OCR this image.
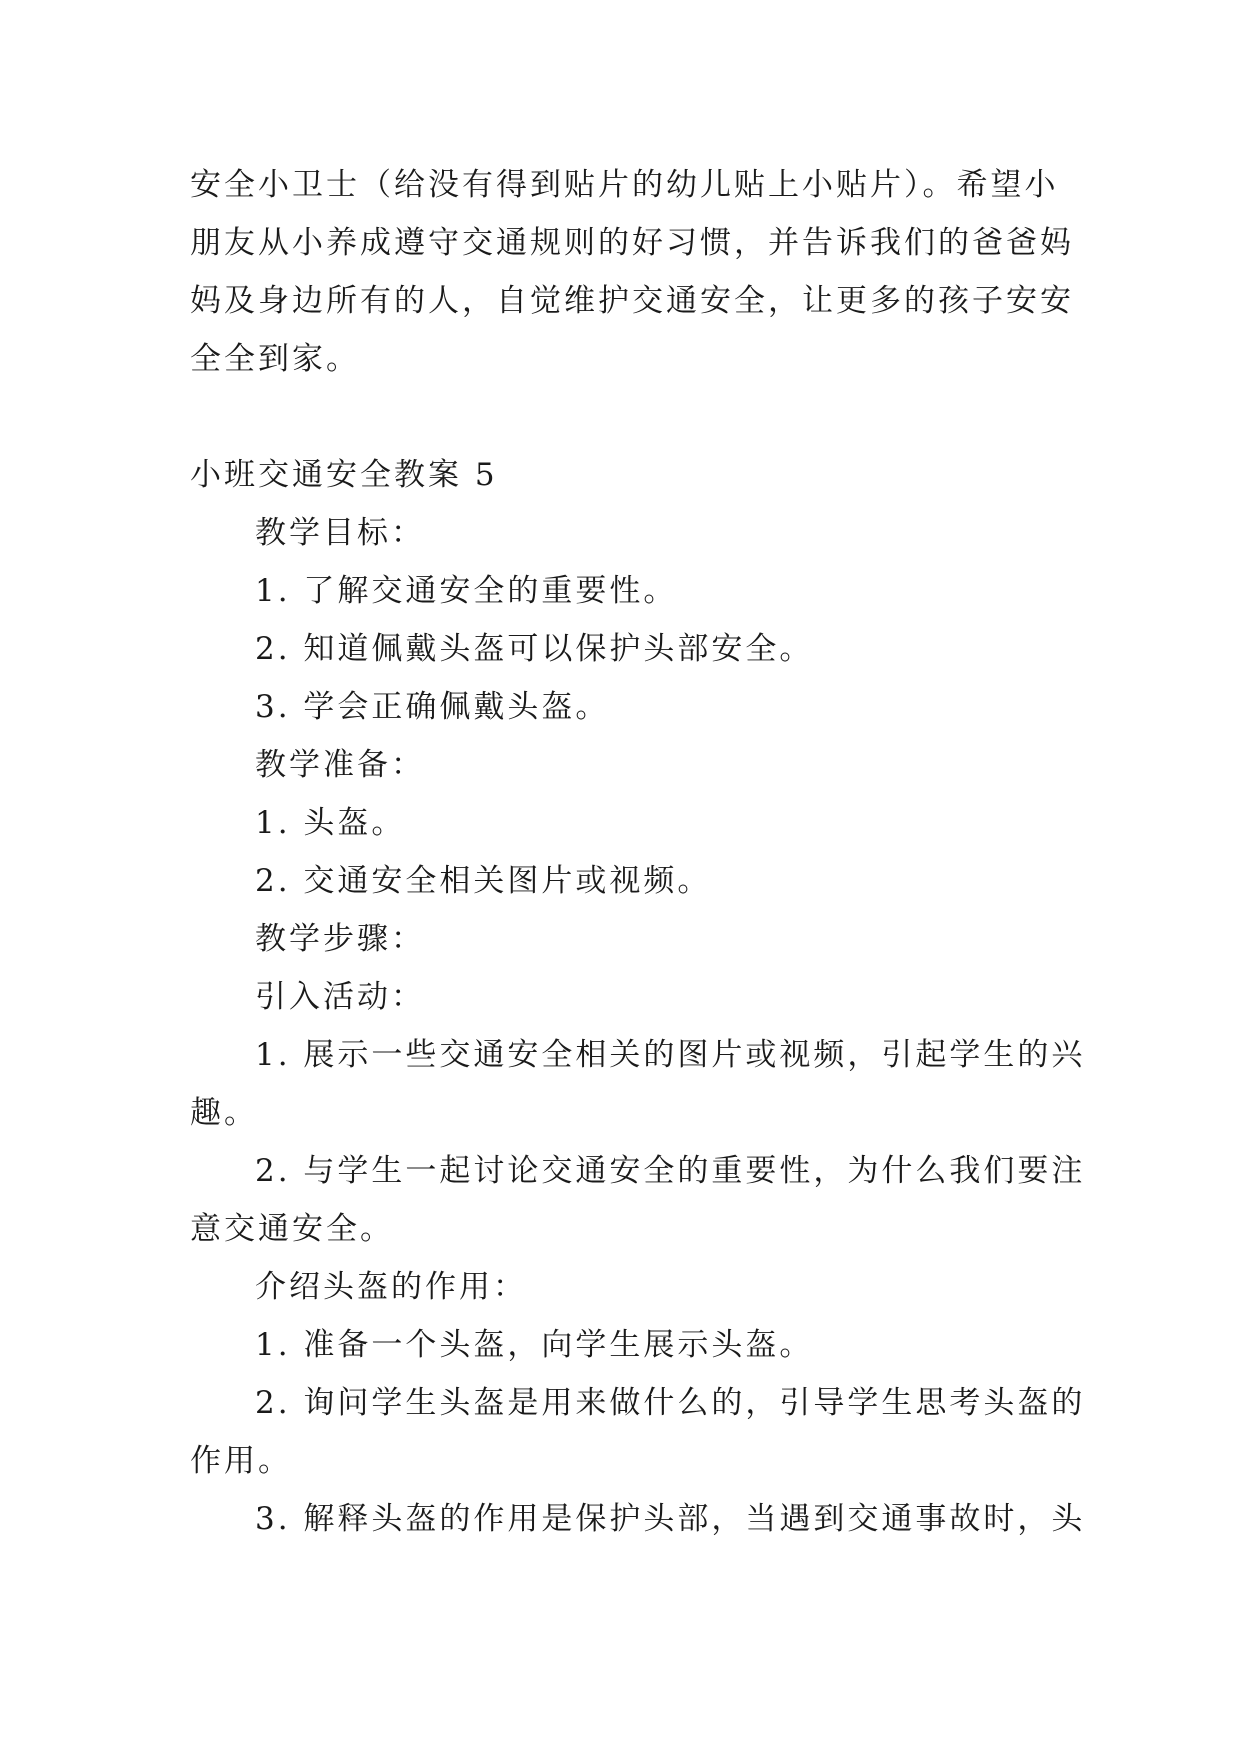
安全小卫士（给没有得到贴片的幼儿贴上小贴片）。希望小
朋友从小养成遵守交通规则的好习惯，并告诉我们的爸爸妈
妈及身边所有的人，自觉维护交通安全，让更多的孩子安安
全全到家。
小班交通安全教案 5
教学目标：
1. 了解交通安全的重要性。
2. 知道佩戴头盔可以保护头部安全。
3. 学会正确佩戴头盔。
教学准备：
1. 头盔。
2. 交通安全相关图片或视频。
教学步骤：
引入活动：
1. 展示一些交通安全相关的图片或视频，引起学生的兴
趣。
2. 与学生一起讨论交通安全的重要性，为什么我们要注
意交通安全。
介绍头盔的作用：
1. 准备一个头盔，向学生展示头盔。
2. 询问学生头盔是用来做什么的，引导学生思考头盔的
作用。
3. 解释头盔的作用是保护头部，当遇到交通事故时，头
